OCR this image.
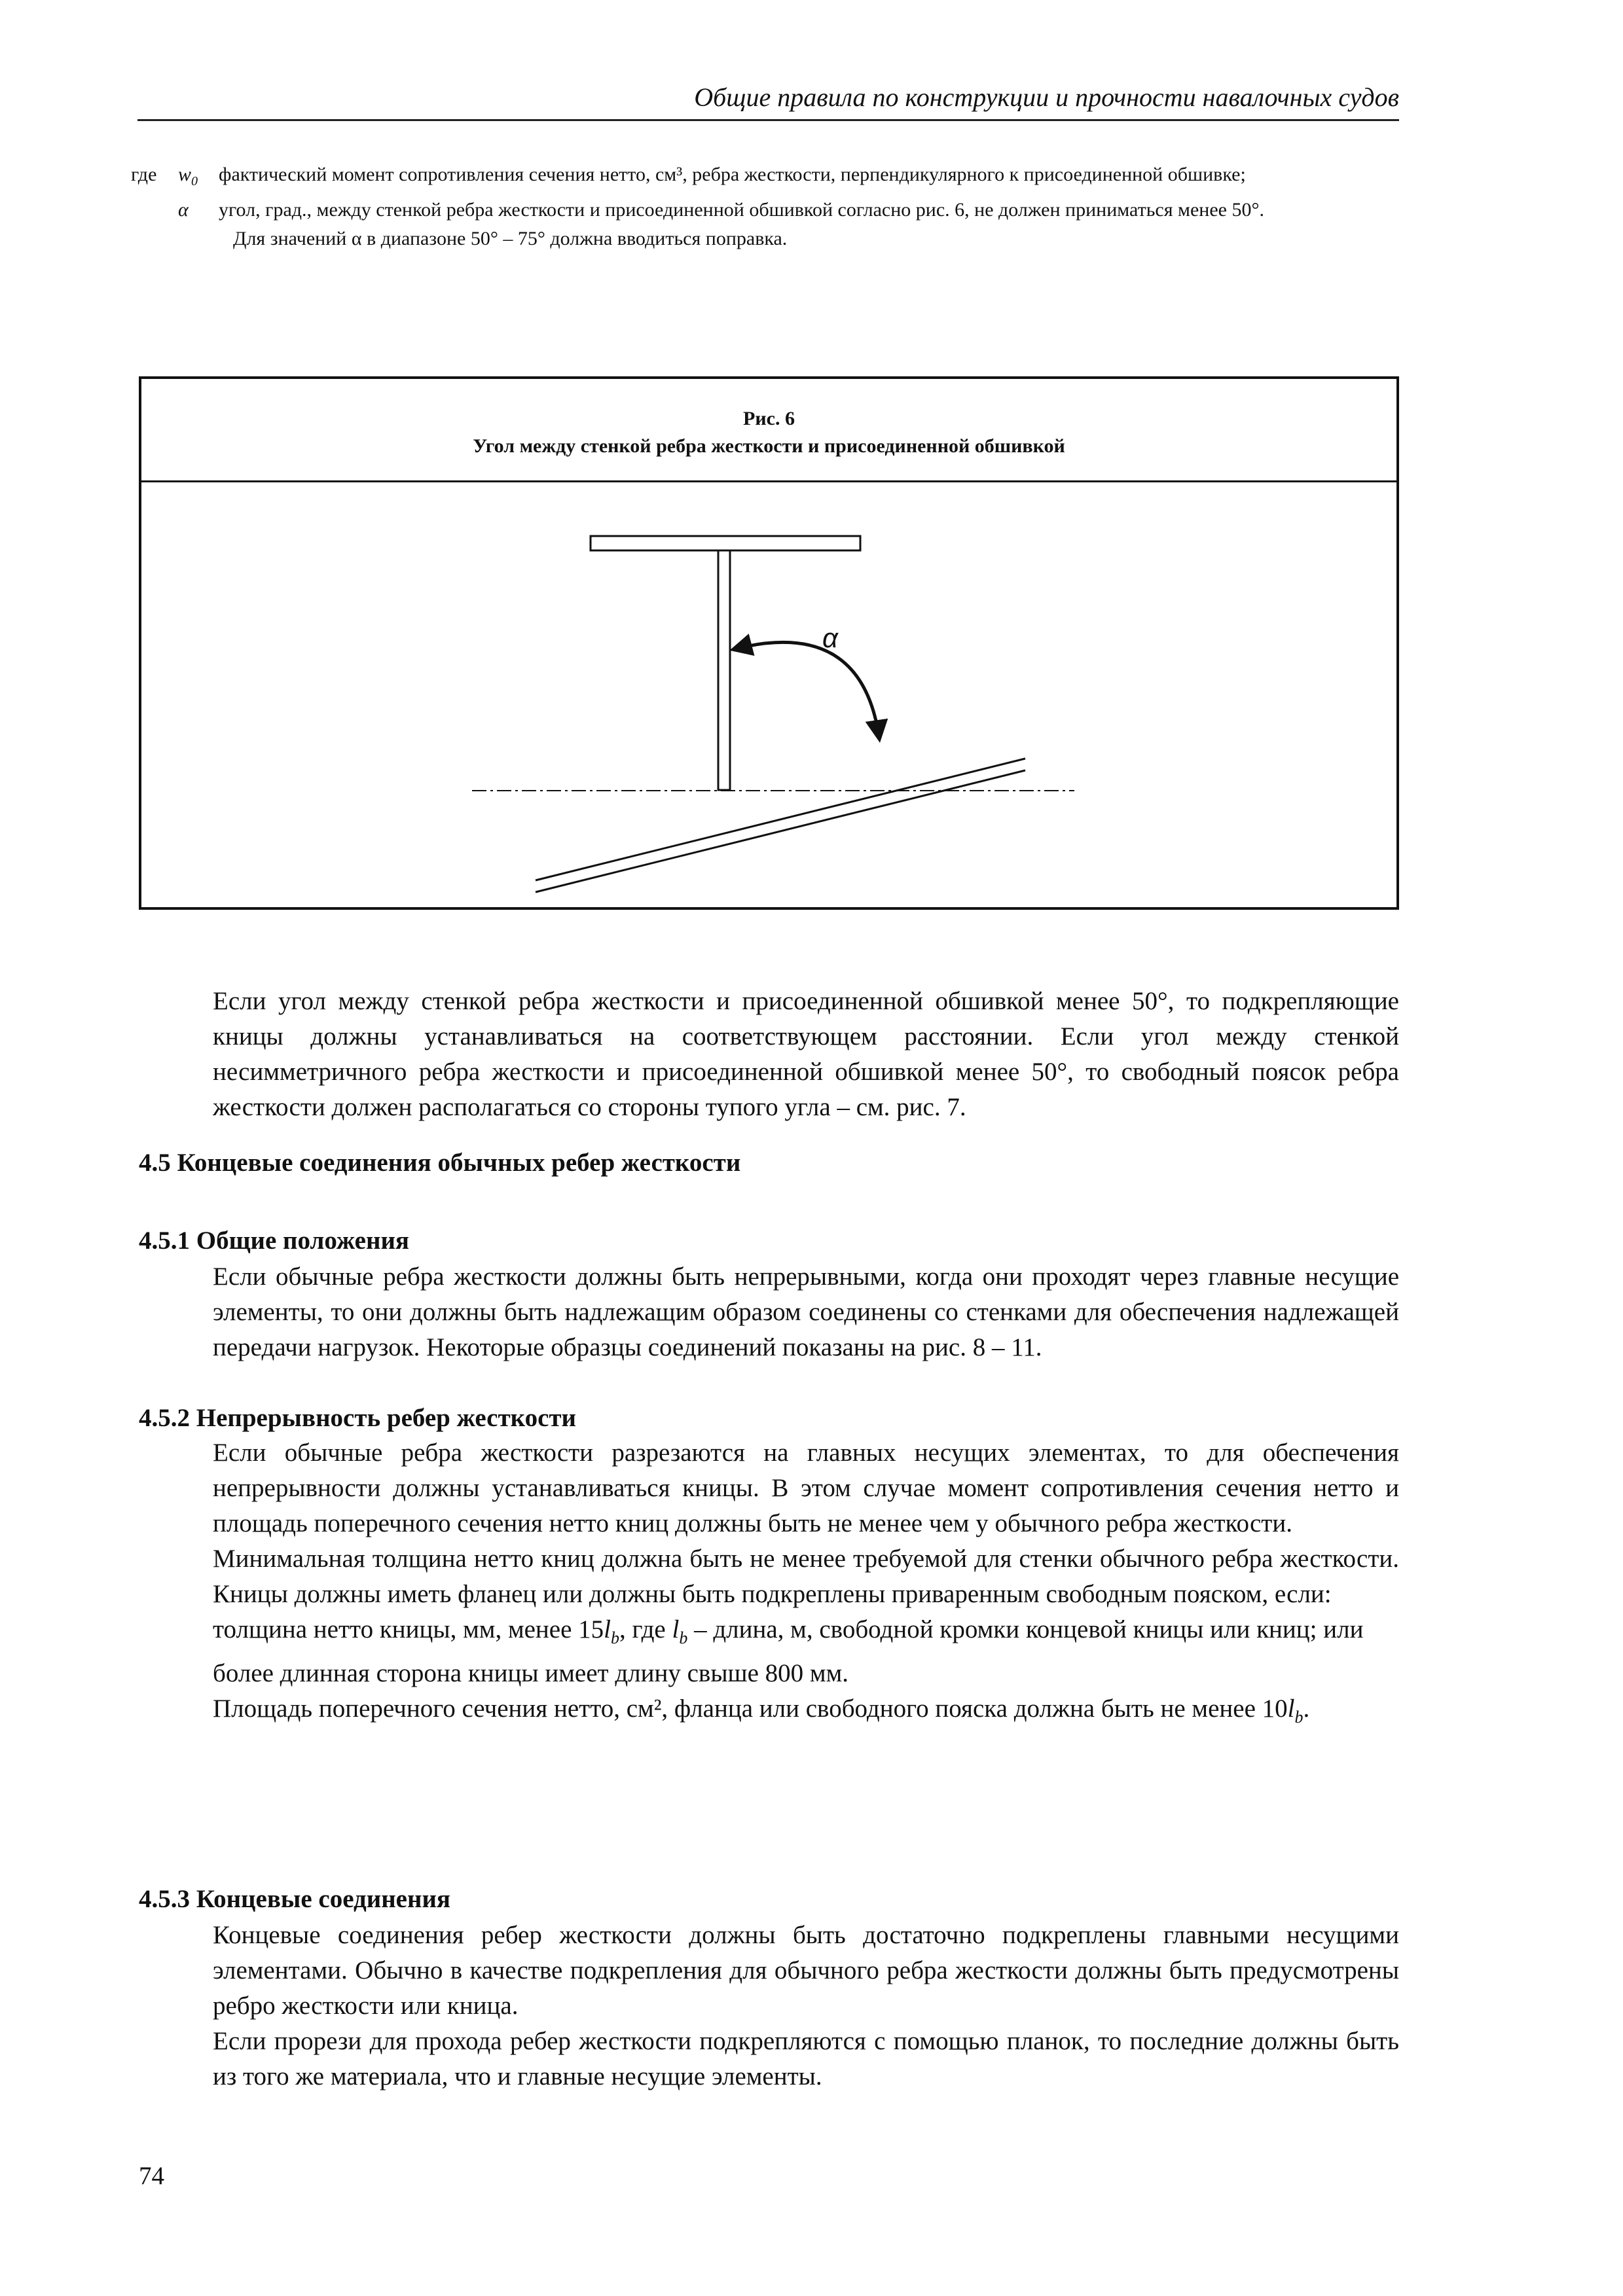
Общие правила по конструкции и прочности навалочных судов
где	$w_0$	фактический момент сопротивления сечения нетто, см³, ребра жесткости, перпендикулярного к присоединенной обшивке;
α	угол, град., между стенкой ребра жесткости и присоединенной обшивкой согласно рис. 6, не должен приниматься менее 50°.
Для значений α в диапазоне 50° – 75° должна вводиться поправка.
Рис. 6
Угол между стенкой ребра жесткости и присоединенной обшивкой
α

Если угол между стенкой ребра жесткости и присоединенной обшивкой менее 50°, то подкрепляющие кницы должны устанавливаться на соответствующем расстоянии. Если угол между стенкой несимметричного ребра жесткости и присоединенной обшивкой менее 50°, то свободный поясок ребра жесткости должен располагаться со стороны тупого угла – см. рис. 7.

4.5 Концевые соединения обычных ребер жесткости
4.5.1 Общие положения

Если обычные ребра жесткости должны быть непрерывными, когда они проходят через главные несущие элементы, то они должны быть надлежащим образом соединены со стенками для обеспечения надлежащей передачи нагрузок. Некоторые образцы соединений показаны на рис. 8 – 11.

4.5.2 Непрерывность ребер жесткости

Если обычные ребра жесткости разрезаются на главных несущих элементах, то для обеспечения непрерывности должны устанавливаться кницы. В этом случае момент сопротивления сечения нетто и площадь поперечного сечения нетто книц должны быть не менее чем у обычного ребра жесткости.

Минимальная толщина нетто книц должна быть не менее требуемой для стенки обычного ребра жесткости. Кницы должны иметь фланец или должны быть подкреплены приваренным свободным пояском, если:

толщина нетто кницы, мм, менее $15l_b$, где $l_b$ – длина, м, свободной кромки концевой кницы или книц; или

более длинная сторона кницы имеет длину свыше 800 мм.

Площадь поперечного сечения нетто, см², фланца или свободного пояска должна быть не менее $10l_b$.

4.5.3 Концевые соединения

Концевые соединения ребер жесткости должны быть достаточно подкреплены главными несущими элементами. Обычно в качестве подкрепления для обычного ребра жесткости должны быть предусмотрены ребро жесткости или кница.

Если прорези для прохода ребер жесткости подкрепляются с помощью планок, то последние должны быть из того же материала, что и главные несущие элементы.

74
